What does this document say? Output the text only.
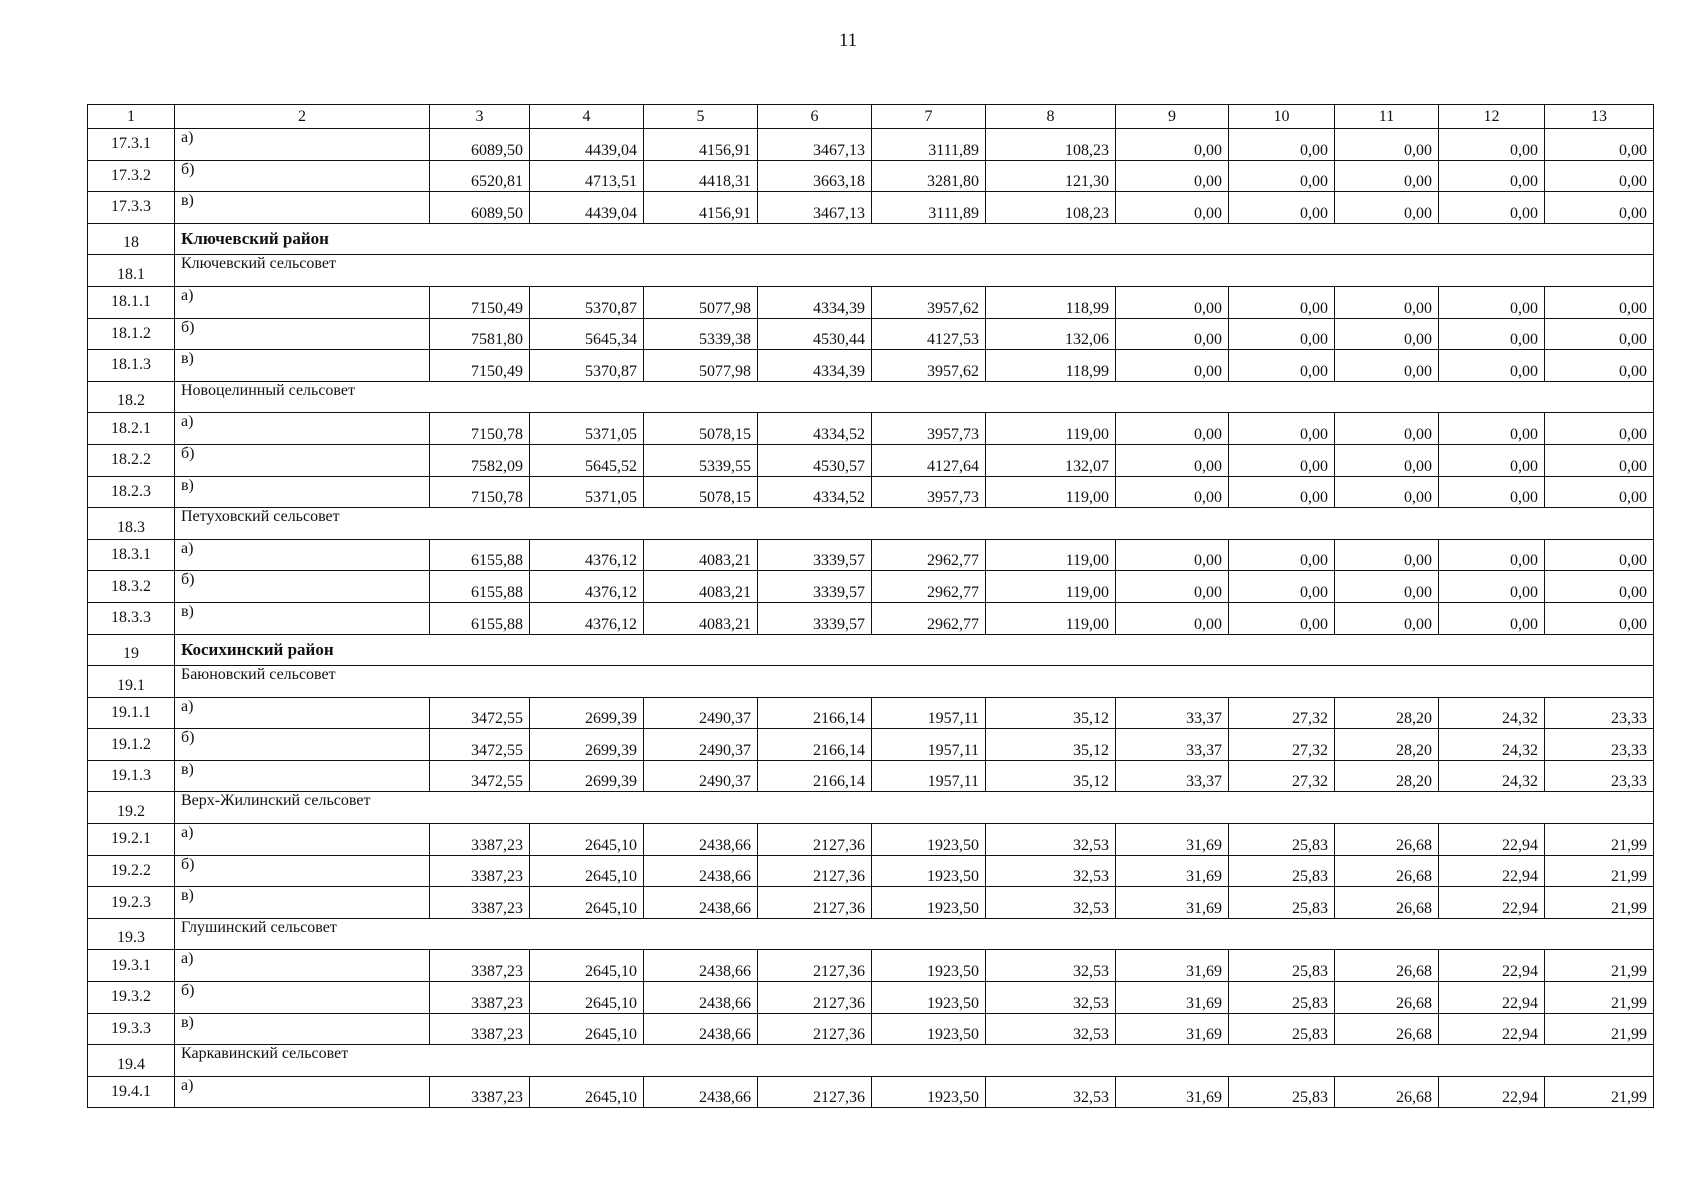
11
1	2	3	4	5	6	7	8	9	10	11	12	13
17.3.1	а)	6089,50	4439,04	4156,91	3467,13	3111,89	108,23	0,00	0,00	0,00	0,00	0,00
17.3.2	б)	6520,81	4713,51	4418,31	3663,18	3281,80	121,30	0,00	0,00	0,00	0,00	0,00
17.3.3	в)	6089,50	4439,04	4156,91	3467,13	3111,89	108,23	0,00	0,00	0,00	0,00	0,00
18	Ключевский район											
18.1	Ключевский сельсовет											
18.1.1	а)	7150,49	5370,87	5077,98	4334,39	3957,62	118,99	0,00	0,00	0,00	0,00	0,00
18.1.2	б)	7581,80	5645,34	5339,38	4530,44	4127,53	132,06	0,00	0,00	0,00	0,00	0,00
18.1.3	в)	7150,49	5370,87	5077,98	4334,39	3957,62	118,99	0,00	0,00	0,00	0,00	0,00
18.2	Новоцелинный сельсовет											
18.2.1	а)	7150,78	5371,05	5078,15	4334,52	3957,73	119,00	0,00	0,00	0,00	0,00	0,00
18.2.2	б)	7582,09	5645,52	5339,55	4530,57	4127,64	132,07	0,00	0,00	0,00	0,00	0,00
18.2.3	в)	7150,78	5371,05	5078,15	4334,52	3957,73	119,00	0,00	0,00	0,00	0,00	0,00
18.3	Петуховский сельсовет											
18.3.1	а)	6155,88	4376,12	4083,21	3339,57	2962,77	119,00	0,00	0,00	0,00	0,00	0,00
18.3.2	б)	6155,88	4376,12	4083,21	3339,57	2962,77	119,00	0,00	0,00	0,00	0,00	0,00
18.3.3	в)	6155,88	4376,12	4083,21	3339,57	2962,77	119,00	0,00	0,00	0,00	0,00	0,00
19	Косихинский район											
19.1	Баюновский сельсовет											
19.1.1	а)	3472,55	2699,39	2490,37	2166,14	1957,11	35,12	33,37	27,32	28,20	24,32	23,33
19.1.2	б)	3472,55	2699,39	2490,37	2166,14	1957,11	35,12	33,37	27,32	28,20	24,32	23,33
19.1.3	в)	3472,55	2699,39	2490,37	2166,14	1957,11	35,12	33,37	27,32	28,20	24,32	23,33
19.2	Верх-Жилинский сельсовет											
19.2.1	а)	3387,23	2645,10	2438,66	2127,36	1923,50	32,53	31,69	25,83	26,68	22,94	21,99
19.2.2	б)	3387,23	2645,10	2438,66	2127,36	1923,50	32,53	31,69	25,83	26,68	22,94	21,99
19.2.3	в)	3387,23	2645,10	2438,66	2127,36	1923,50	32,53	31,69	25,83	26,68	22,94	21,99
19.3	Глушинский сельсовет											
19.3.1	а)	3387,23	2645,10	2438,66	2127,36	1923,50	32,53	31,69	25,83	26,68	22,94	21,99
19.3.2	б)	3387,23	2645,10	2438,66	2127,36	1923,50	32,53	31,69	25,83	26,68	22,94	21,99
19.3.3	в)	3387,23	2645,10	2438,66	2127,36	1923,50	32,53	31,69	25,83	26,68	22,94	21,99
19.4	Каркавинский сельсовет											
19.4.1	а)	3387,23	2645,10	2438,66	2127,36	1923,50	32,53	31,69	25,83	26,68	22,94	21,99
